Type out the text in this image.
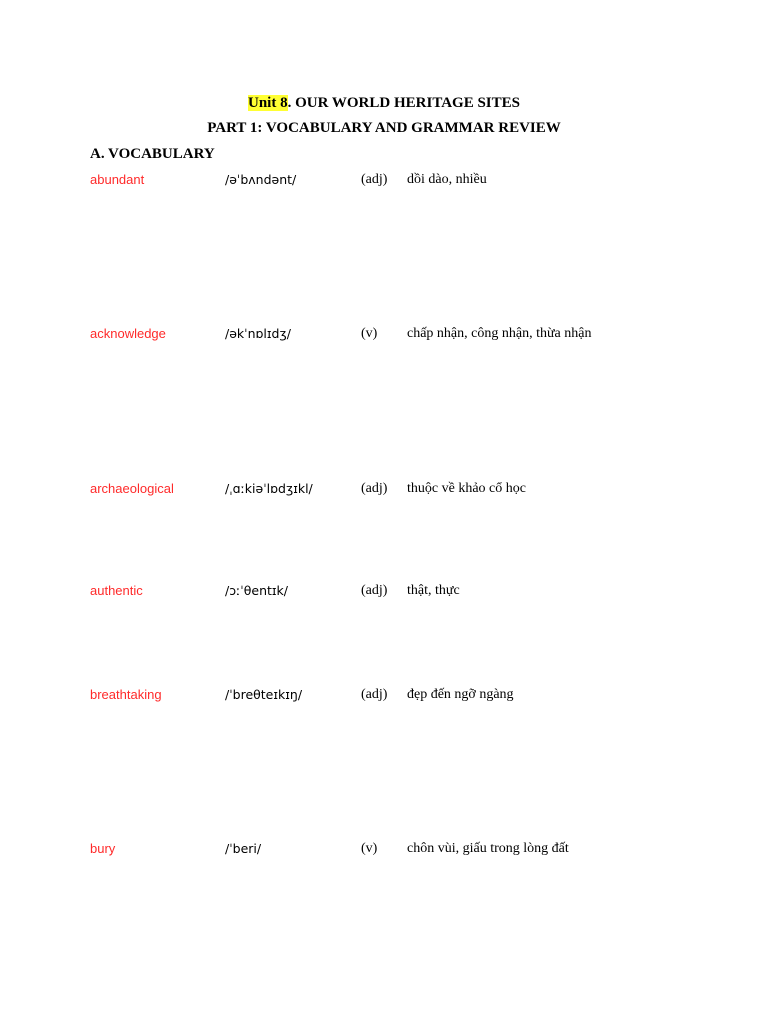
Unit 8. OUR WORLD HERITAGE SITES
PART 1: VOCABULARY AND GRAMMAR REVIEW
A. VOCABULARY
abundant	/əˈbʌndənt/	(adj) dồi dào, nhiều
acknowledge	/əkˈnɒlɪdʒ/	(v) chấp nhận, công nhận, thừa nhận
archaeological	/ˌɑːkiəˈlɒdʒɪkl/	(adj) thuộc về khảo cổ học
authentic	/ɔːˈθentɪk/	(adj) thật, thực
breathtaking	/ˈbreθteɪkɪŋ/	(adj) đẹp đến ngỡ ngàng
bury	/ˈberi/	(v) chôn vùi, giấu trong lòng đất
